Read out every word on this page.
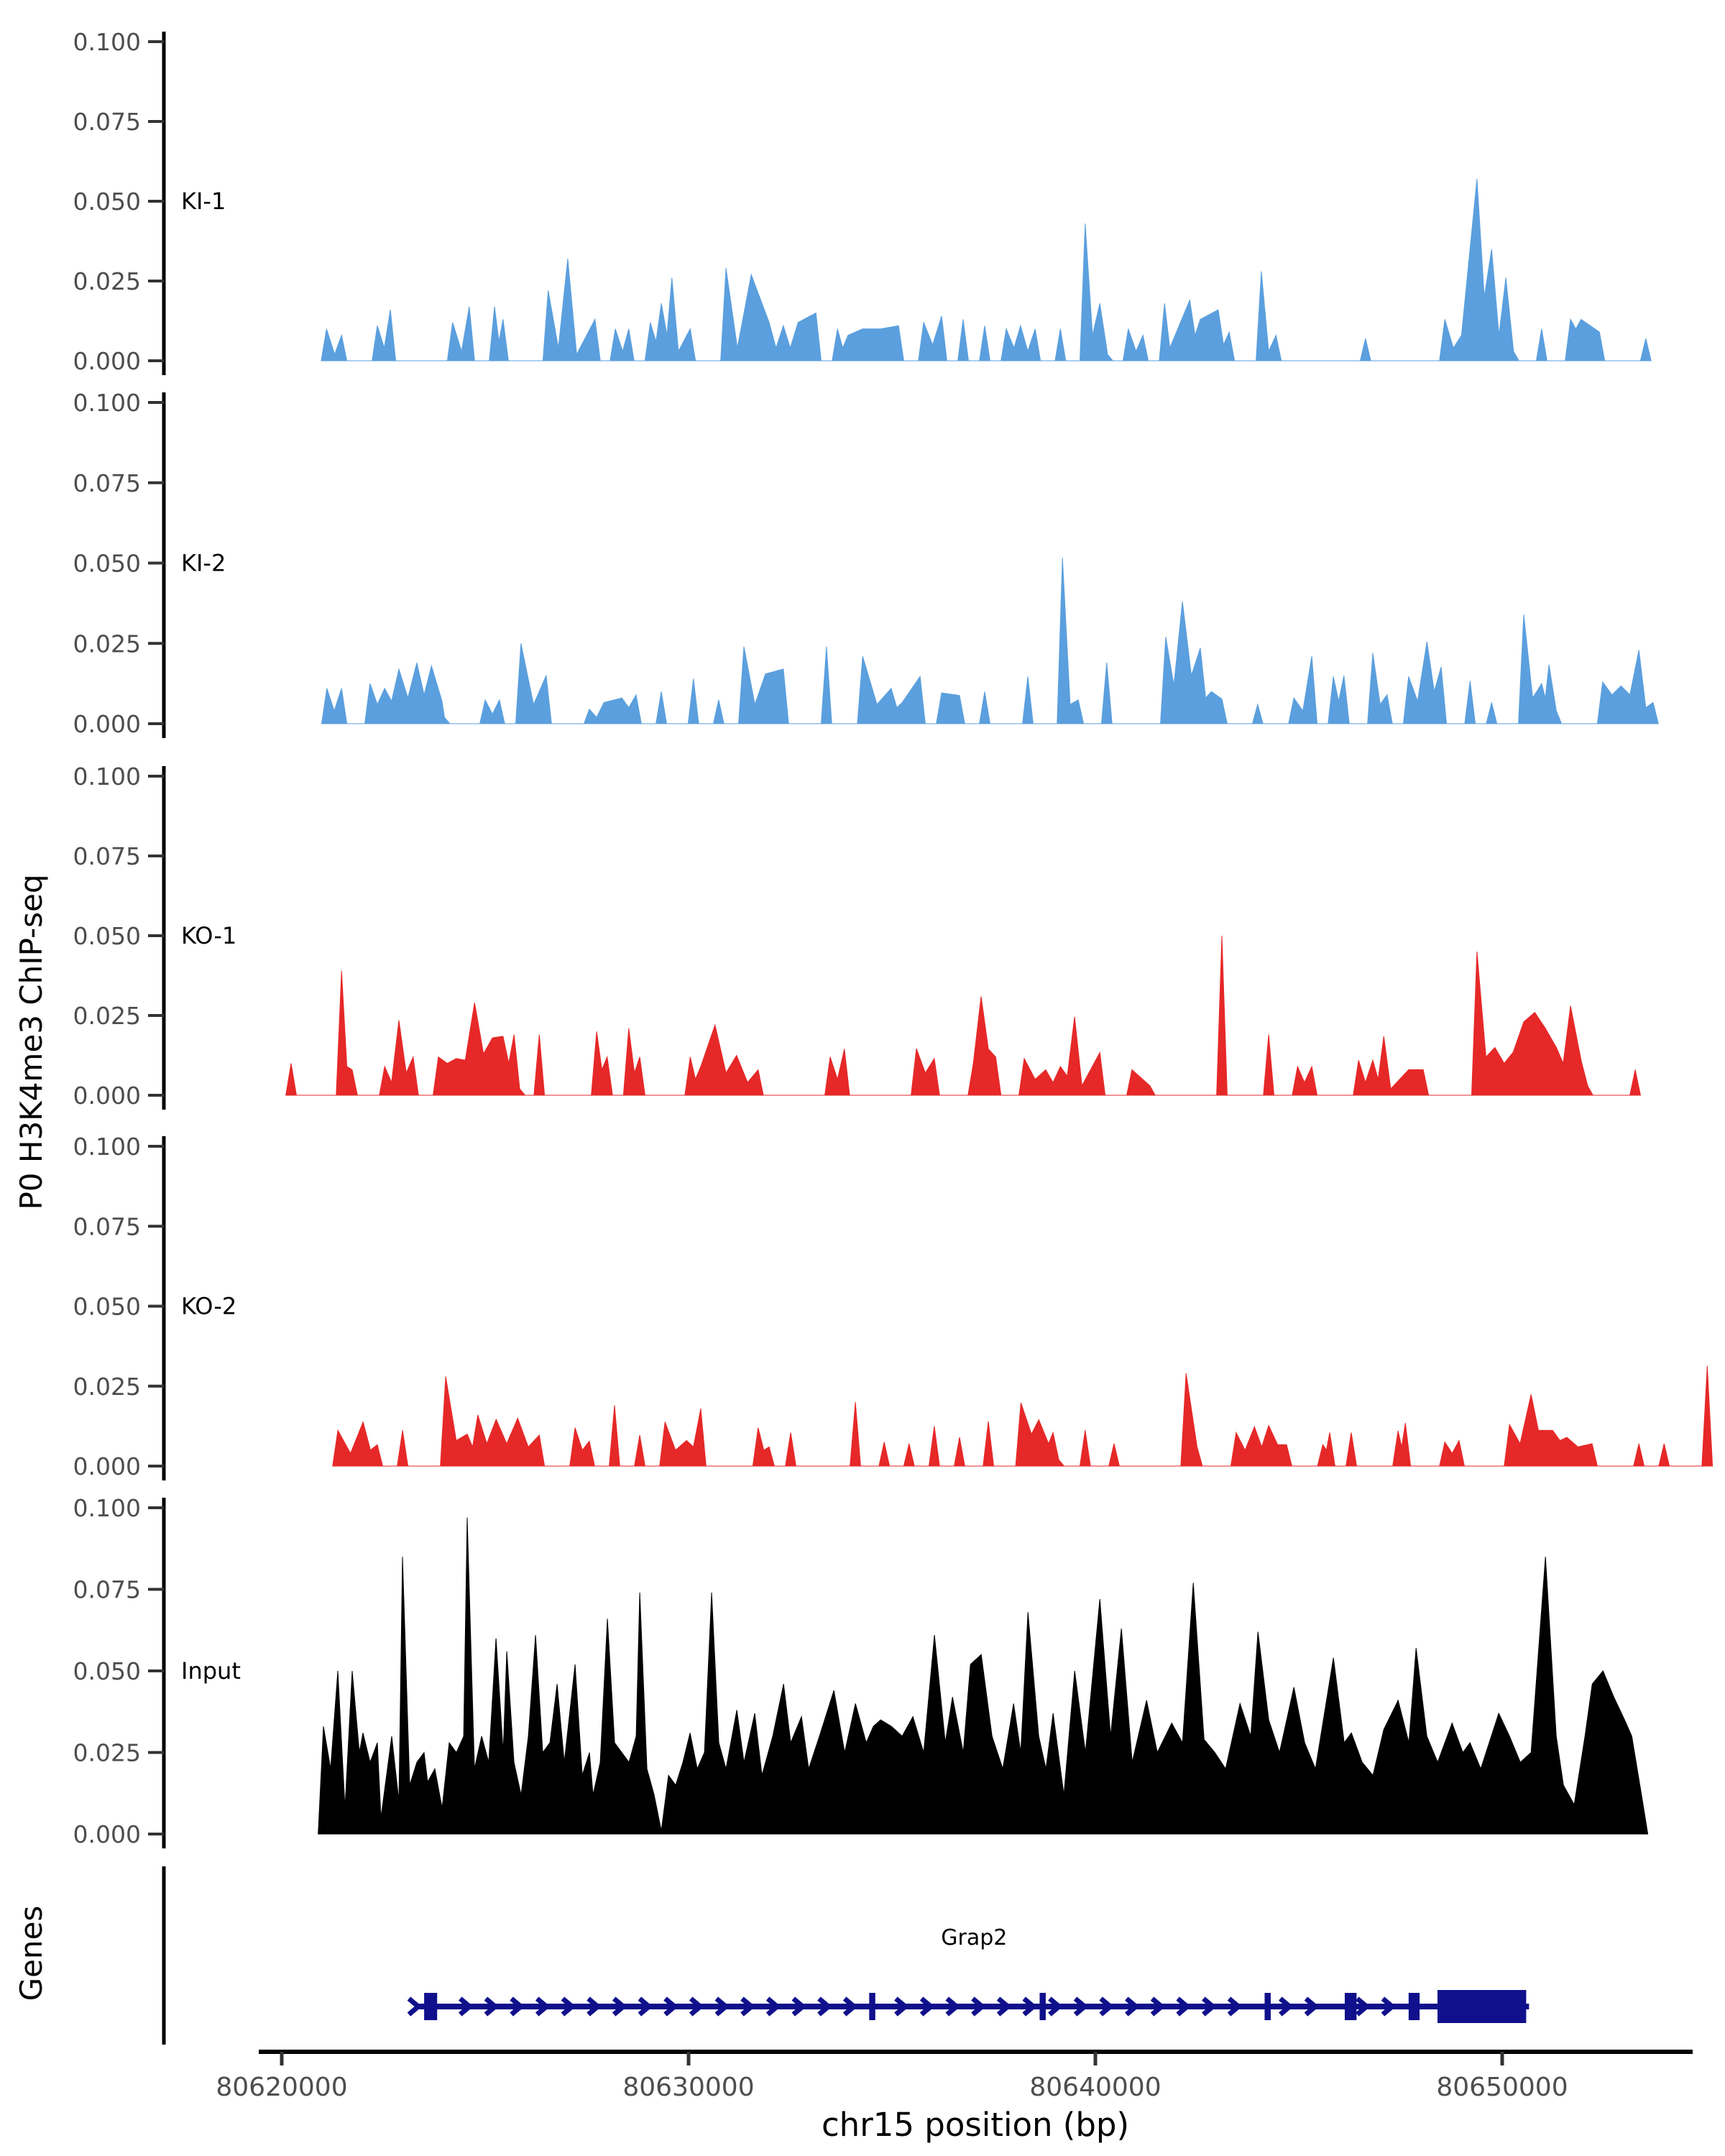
P0 H3K4me3 ChIP-seq
Genes
0.000
0.025
0.050
0.075
0.100
KI-1
0.000
0.025
0.050
0.075
0.100
KI-2
0.000
0.025
0.050
0.075
0.100
KO-1
0.000
0.025
0.050
0.075
0.100
KO-2
0.000
0.025
0.050
0.075
0.100
Input
Grap2
80620000	80630000	80640000	80650000
chr15 position (bp)
